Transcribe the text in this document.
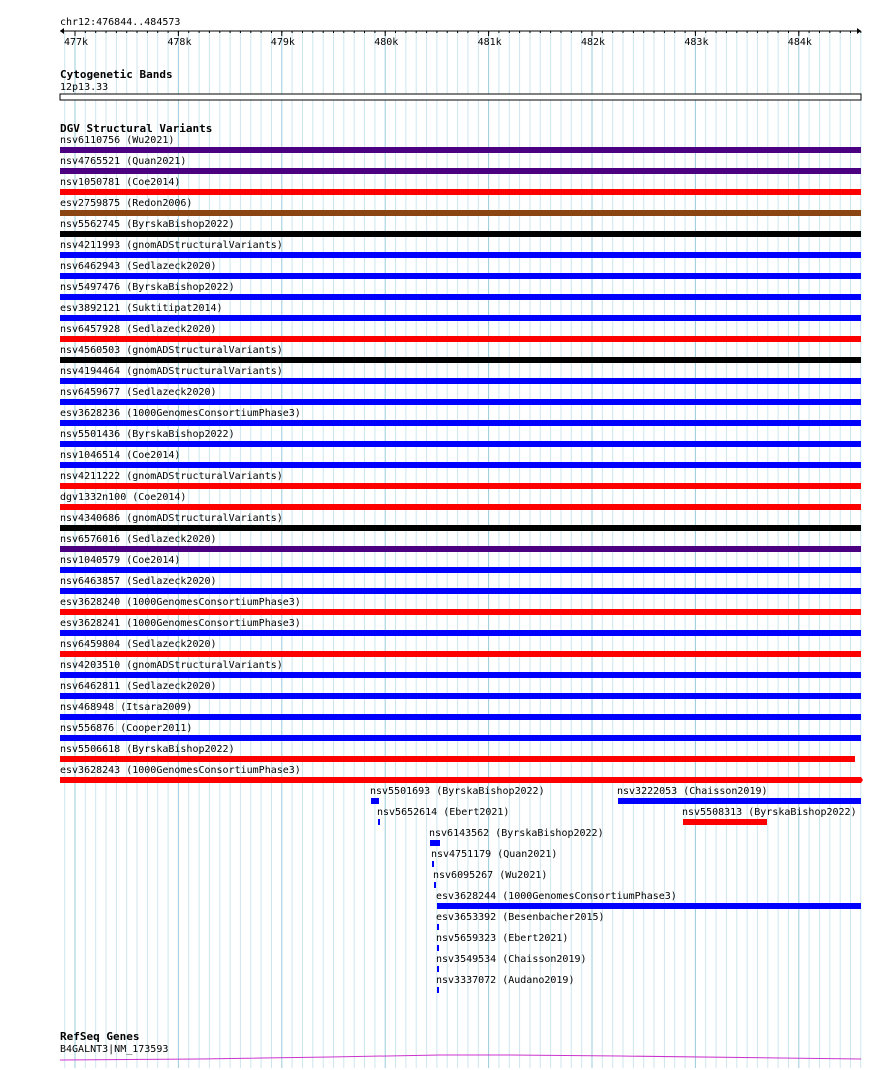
chr12:476844..484573
477k	478k	479k	480k	481k	482k	483k	484k
Cytogenetic Bands
12p13.33
DGV Structural Variants
nsv6110756 (Wu2021)
nsv4765521 (Quan2021)
nsv1050781 (Coe2014)
esv2759875 (Redon2006)
nsv5562745 (ByrskaBishop2022)
nsv4211993 (gnomADStructuralVariants)
nsv6462943 (Sedlazeck2020)
nsv5497476 (ByrskaBishop2022)
esv3892121 (Suktitipat2014)
nsv6457928 (Sedlazeck2020)
nsv4560503 (gnomADStructuralVariants)
nsv4194464 (gnomADStructuralVariants)
nsv6459677 (Sedlazeck2020)
esv3628236 (1000GenomesConsortiumPhase3)
nsv5501436 (ByrskaBishop2022)
nsv1046514 (Coe2014)
nsv4211222 (gnomADStructuralVariants)
dgv1332n100 (Coe2014)
nsv4340686 (gnomADStructuralVariants)
nsv6576016 (Sedlazeck2020)
nsv1040579 (Coe2014)
nsv6463857 (Sedlazeck2020)
esv3628240 (1000GenomesConsortiumPhase3)
esv3628241 (1000GenomesConsortiumPhase3)
nsv6459804 (Sedlazeck2020)
nsv4203510 (gnomADStructuralVariants)
nsv6462811 (Sedlazeck2020)
nsv468948 (Itsara2009)
nsv556876 (Cooper2011)
nsv5506618 (ByrskaBishop2022)
esv3628243 (1000GenomesConsortiumPhase3)
nsv5501693 (ByrskaBishop2022)	nsv3222053 (Chaisson2019)
nsv5652614 (Ebert2021)	nsv5508313 (ByrskaBishop2022)
nsv6143562 (ByrskaBishop2022)
nsv4751179 (Quan2021)
nsv6095267 (Wu2021)
esv3628244 (1000GenomesConsortiumPhase3)
esv3653392 (Besenbacher2015)
nsv5659323 (Ebert2021)
nsv3549534 (Chaisson2019)
nsv3337072 (Audano2019)
RefSeq Genes
B4GALNT3|NM_173593
